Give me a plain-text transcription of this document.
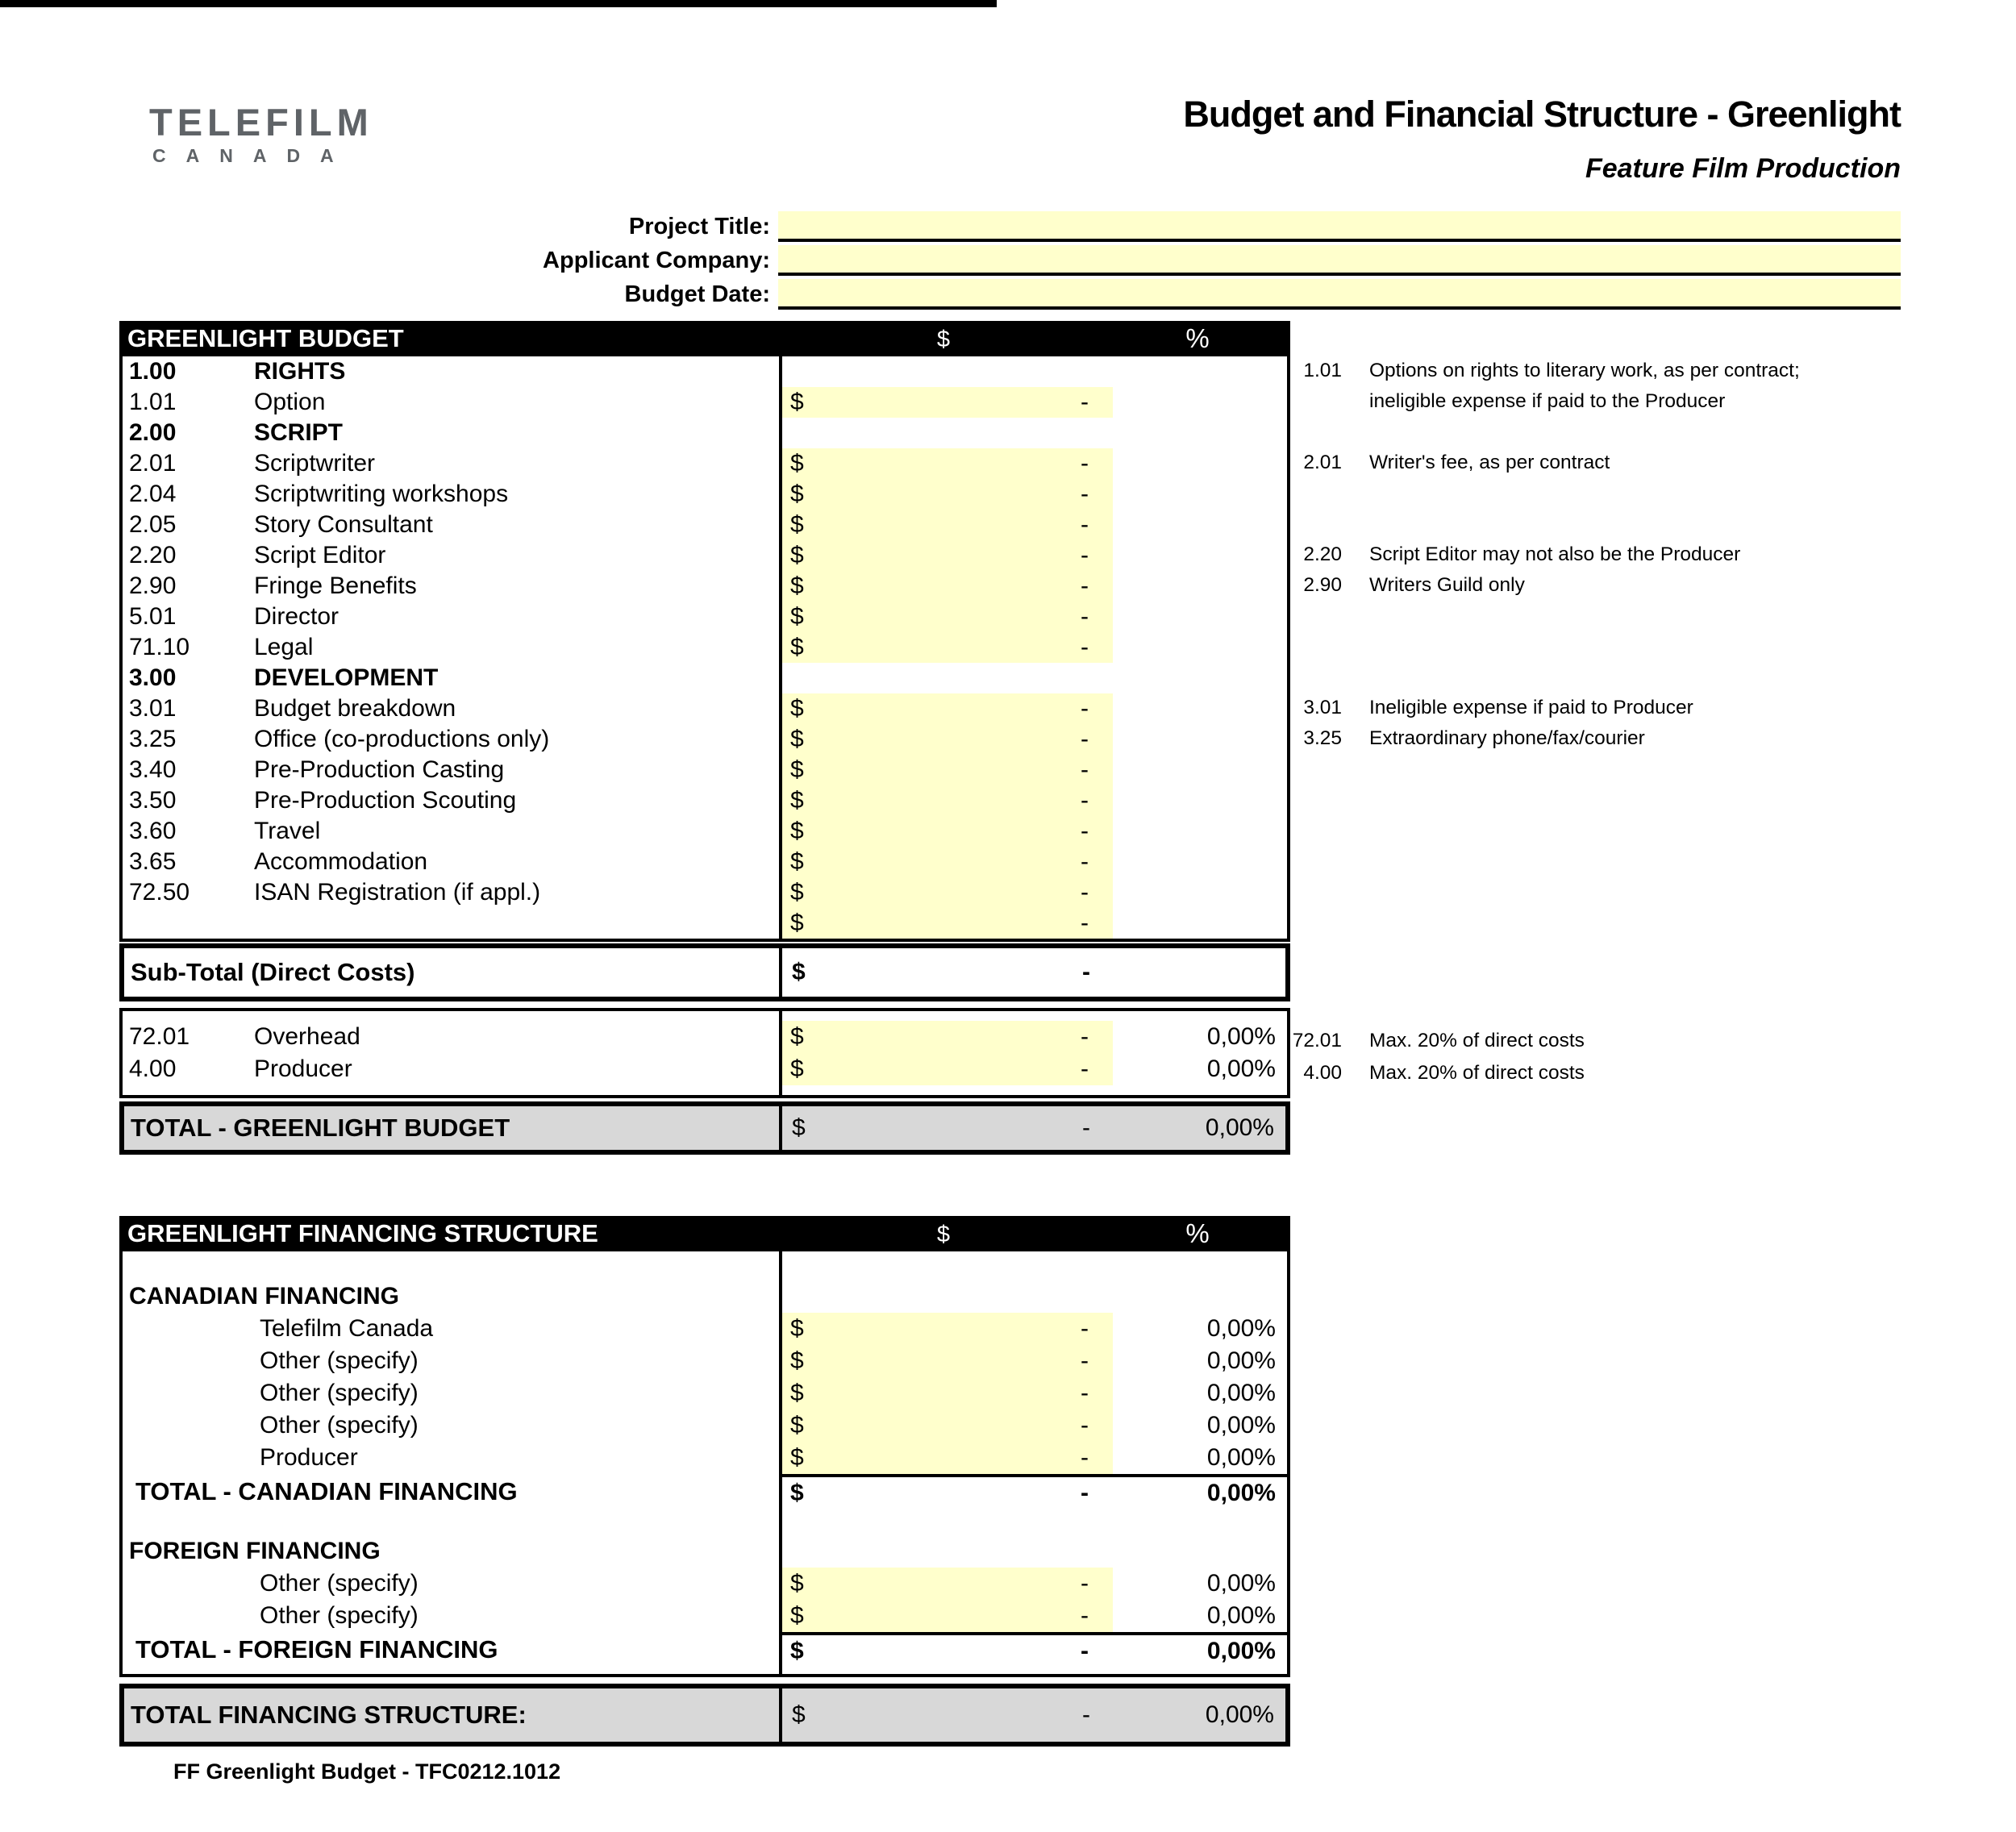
TELEFILM
CANADA
Budget and Financial Structure - Greenlight
Feature Film Production
Project Title:
Applicant Company:
Budget Date:
GREENLIGHT BUDGET	$	%
1.00	RIGHTS
1.01	Option	$	-
2.00	SCRIPT
2.01	Scriptwriter	$	-
2.04	Scriptwriting workshops	$	-
2.05	Story Consultant	$	-
2.20	Script Editor	$	-
2.90	Fringe Benefits	$	-
5.01	Director	$	-
71.10	Legal	$	-
3.00	DEVELOPMENT
3.01	Budget breakdown	$	-
3.25	Office (co-productions only)	$	-
3.40	Pre-Production Casting	$	-
3.50	Pre-Production Scouting	$	-
3.60	Travel	$	-
3.65	Accommodation	$	-
72.50	ISAN Registration (if appl.)	$	-
$	-
Sub-Total (Direct Costs)	$	-
72.01	Overhead	$	-	0,00%
4.00	Producer	$	-	0,00%
TOTAL - GREENLIGHT BUDGET	$	-	0,00%
1.01 Options on rights to literary work, as per contract;
ineligible expense if paid to the Producer
2.01 Writer's fee, as per contract
2.20 Script Editor may not also be the Producer
2.90 Writers Guild only
3.01 Ineligible expense if paid to Producer
3.25 Extraordinary phone/fax/courier
72.01 Max. 20% of direct costs
4.00 Max. 20% of direct costs
GREENLIGHT FINANCING STRUCTURE	$	%
CANADIAN FINANCING
Telefilm Canada	$	-	0,00%
Other (specify)	$	-	0,00%
Other (specify)	$	-	0,00%
Other (specify)	$	-	0,00%
Producer	$	-	0,00%
TOTAL - CANADIAN FINANCING	$	-	0,00%
FOREIGN FINANCING
Other (specify)	$	-	0,00%
Other (specify)	$	-	0,00%
TOTAL - FOREIGN FINANCING	$	-	0,00%
TOTAL FINANCING STRUCTURE:	$	-	0,00%
FF Greenlight Budget - TFC0212.1012
